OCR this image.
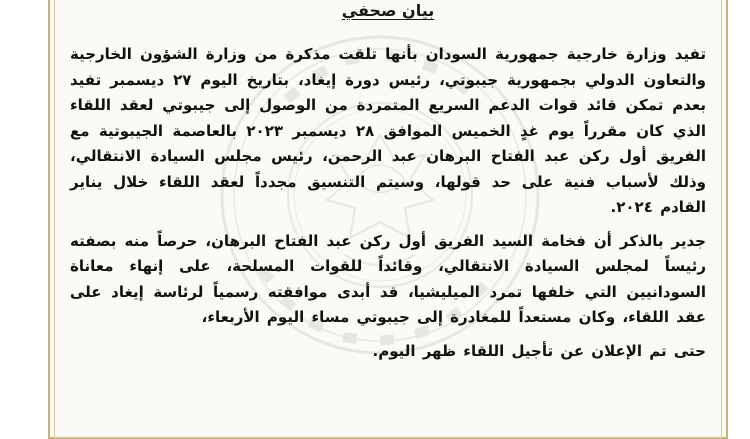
بيان صحفي

تفيد وزارة خارجية جمهورية السودان بأنها تلقت مذكرة من وزارة الشؤون الخارجية والتعاون الدولي بجمهورية جيبوتي، رئيس دورة إيغاد، بتاريخ اليوم ٢٧ ديسمبر تفيد بعدم تمكن قائد قوات الدعم السريع المتمردة من الوصول إلى جيبوتي لعقد اللقاء الذي كان مقرراً يوم غدٍ الخميس الموافق ٢٨ ديسمبر ٢٠٢٣ بالعاصمة الجيبوتية مع الفريق أول ركن عبد الفتاح البرهان عبد الرحمن، رئيس مجلس السيادة الانتقالي، وذلك لأسباب فنية على حد قولها، وسيتم التنسيق مجدداً لعقد اللقاء خلال يناير القادم ٢٠٢٤.

جدير بالذكر أن فخامة السيد الفريق أول ركن عبد الفتاح البرهان، حرصاً منه بصفته رئيساً لمجلس السيادة الانتقالي، وقائداً للقوات المسلحة، على إنهاء معاناة السودانيين التي خلفها تمرد الميليشيا، قد أبدى موافقته رسمياً لرئاسة إيغاد على عقد اللقاء، وكان مستعداً للمغادرة إلى جيبوتي مساء اليوم الأربعاء،

حتى تم الإعلان عن تأجيل اللقاء ظهر اليوم.
